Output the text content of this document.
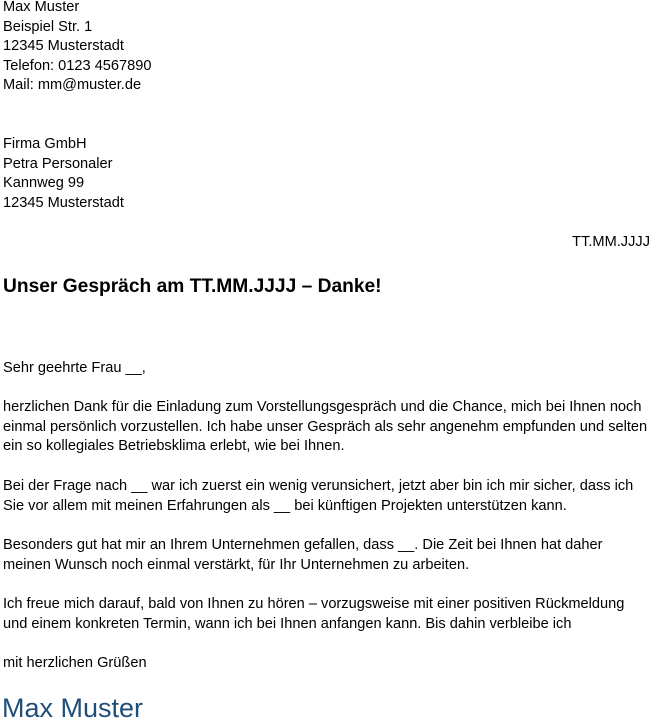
Max Muster
Beispiel Str. 1
12345 Musterstadt
Telefon: 0123 4567890
Mail: mm@muster.de
Firma GmbH
Petra Personaler
Kannweg 99
12345 Musterstadt
TT.MM.JJJJ
Unser Gespräch am TT.MM.JJJJ – Danke!
Sehr geehrte Frau __,
herzlichen Dank für die Einladung zum Vorstellungsgespräch und die Chance, mich bei Ihnen noch einmal persönlich vorzustellen. Ich habe unser Gespräch als sehr angenehm empfunden und selten ein so kollegiales Betriebsklima erlebt, wie bei Ihnen.
Bei der Frage nach __ war ich zuerst ein wenig verunsichert, jetzt aber bin ich mir sicher, dass ich Sie vor allem mit meinen Erfahrungen als __ bei künftigen Projekten unterstützen kann.
Besonders gut hat mir an Ihrem Unternehmen gefallen, dass __. Die Zeit bei Ihnen hat daher meinen Wunsch noch einmal verstärkt, für Ihr Unternehmen zu arbeiten.
Ich freue mich darauf, bald von Ihnen zu hören – vorzugsweise mit einer positiven Rückmeldung und einem konkreten Termin, wann ich bei Ihnen anfangen kann. Bis dahin verbleibe ich
mit herzlichen Grüßen
Max Muster
